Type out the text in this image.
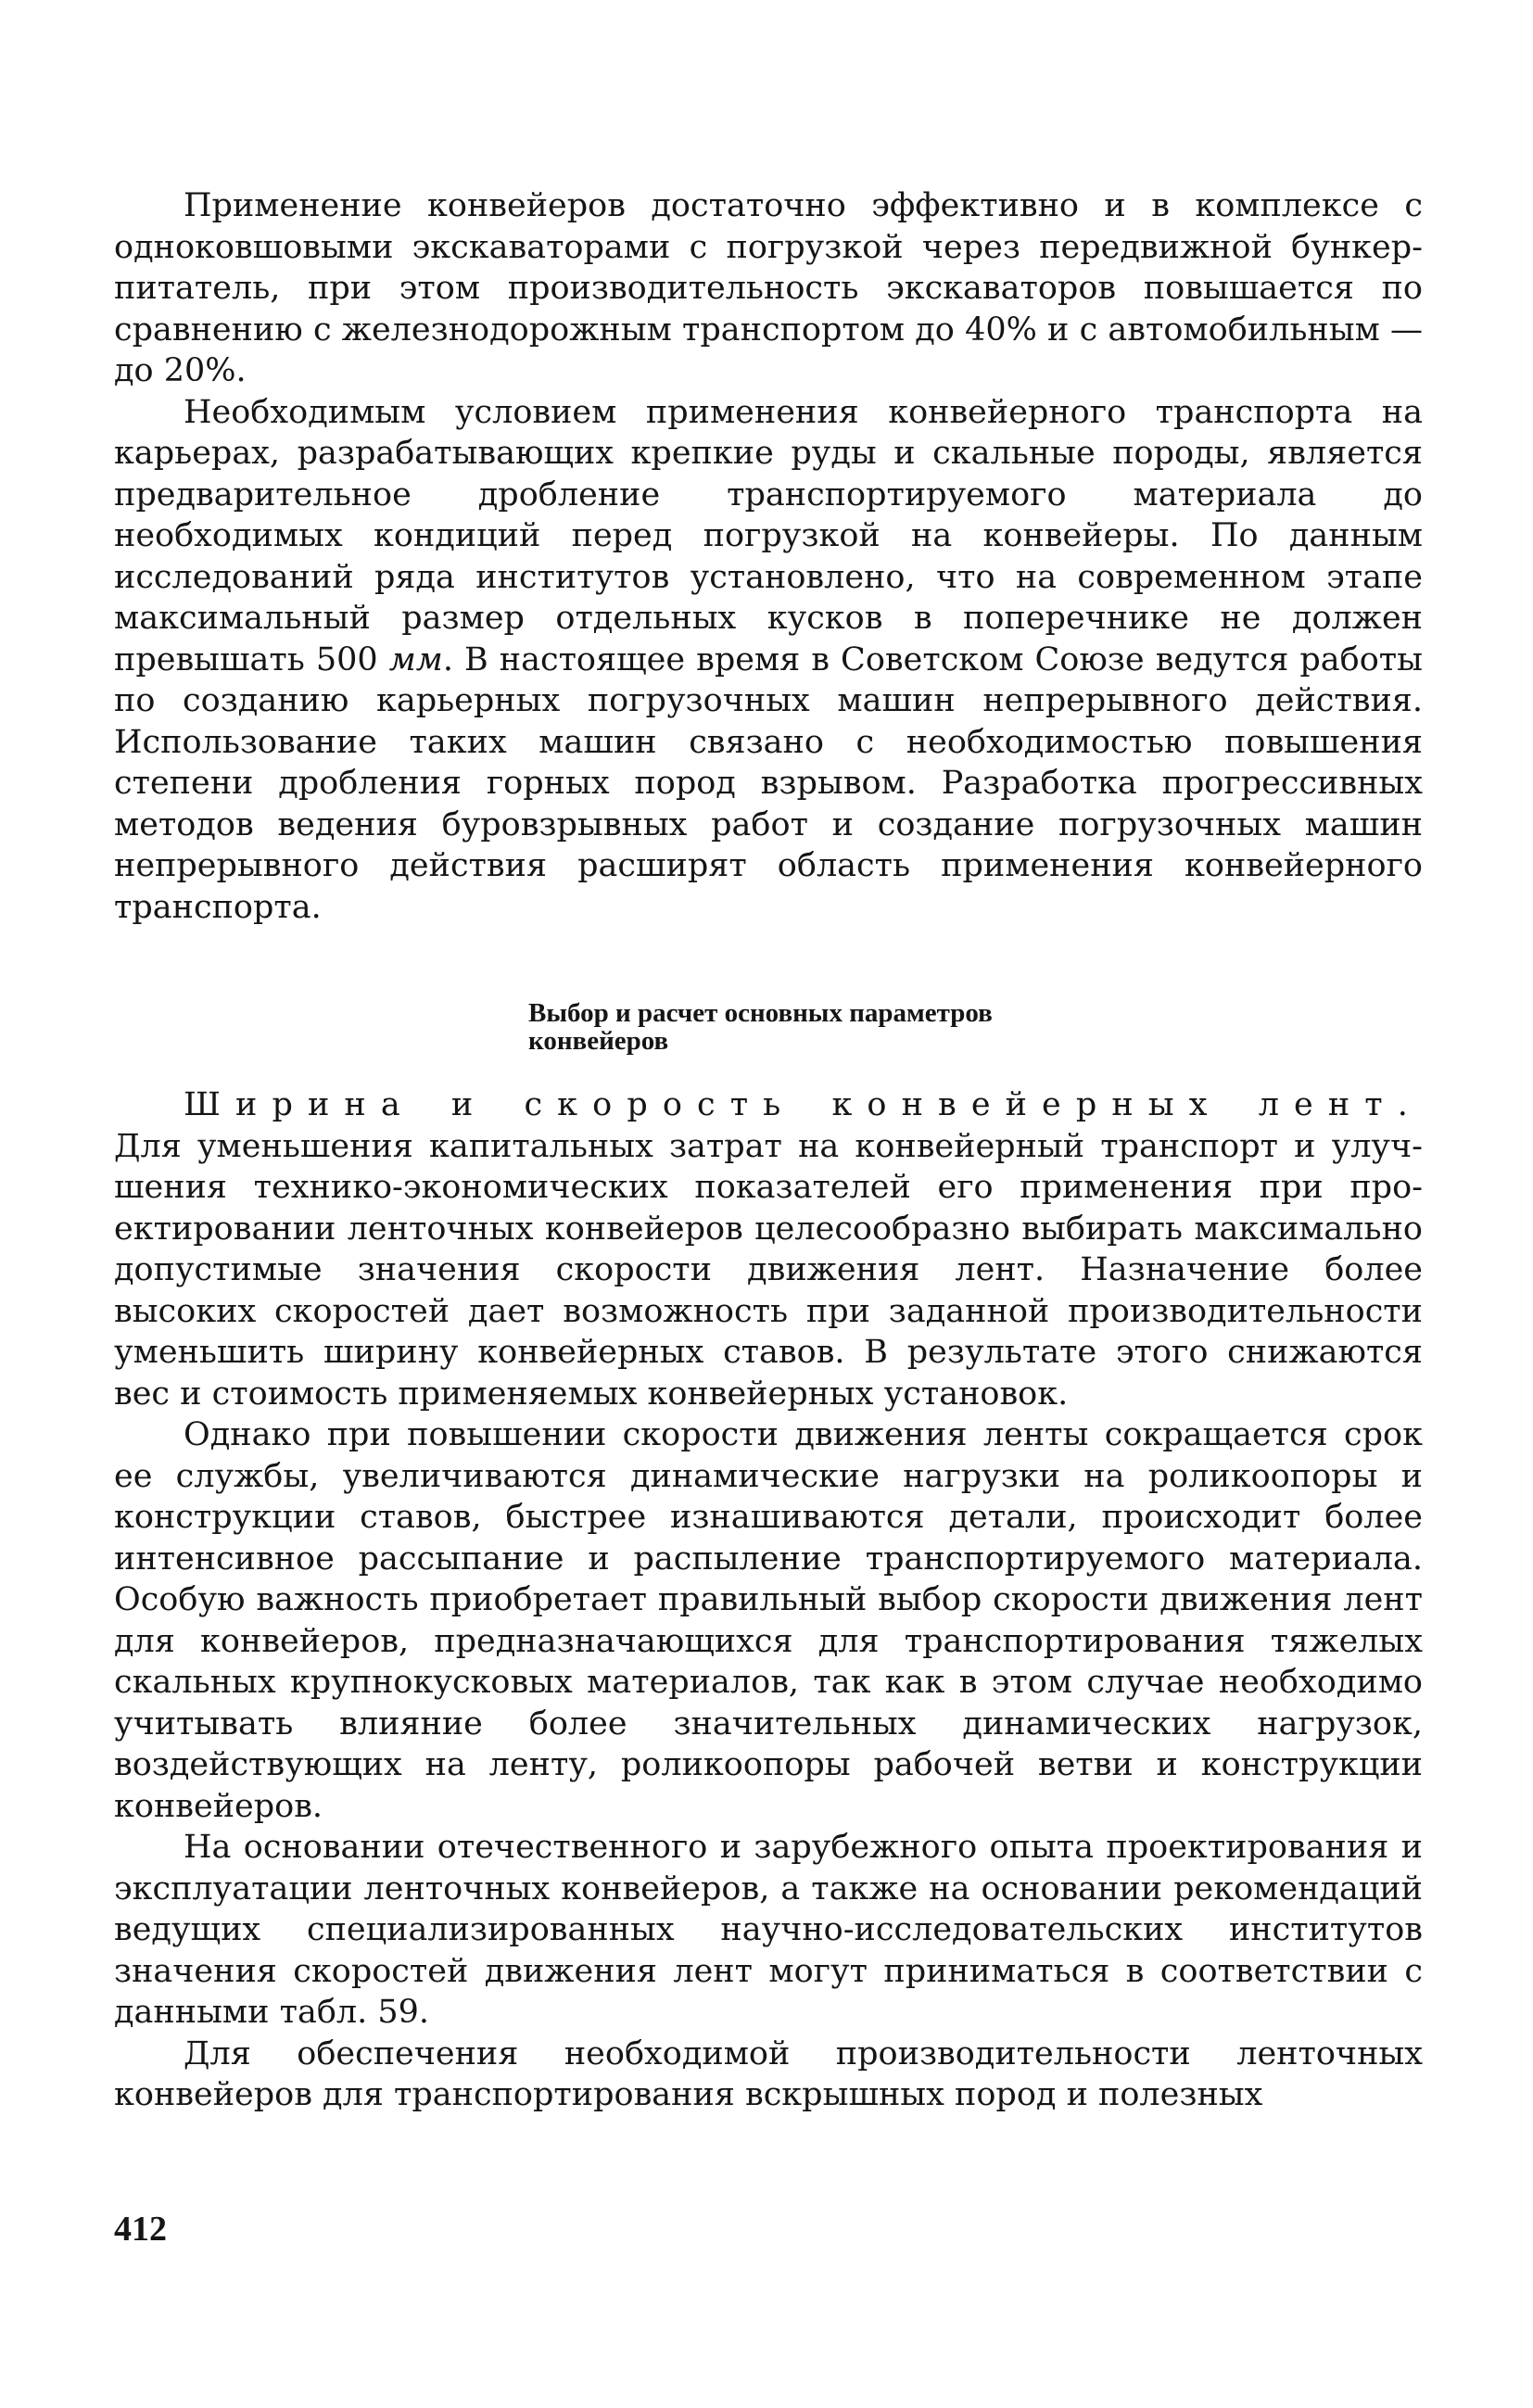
Применение конвейеров достаточно эффективно и в комплексе с одноковшовыми экскаваторами с погрузкой через передвижной бункер-питатель, при этом производительность экскаваторов повышается по сравнению с железнодорожным транспортом до 40% и с автомобильным — до 20%.

Необходимым условием применения конвейерного транспорта на карьерах, разрабатывающих крепкие руды и скальные породы, является предварительное дробление транспортируемого материала до необходимых кондиций перед погрузкой на конвейеры. По данным исследований ряда институтов установлено, что на современном этапе максимальный размер отдельных кусков в поперечнике не должен превышать 500 мм. В настоящее время в Советском Союзе ведутся работы по созданию карьерных погрузочных машин непрерывного действия. Использование таких машин связано с необходимостью повышения степени дробления горных пород взрывом. Разработка прогрессивных методов ведения буровзрывных работ и создание погрузочных машин непрерывного действия расширят область применения конвейерного транспорта.

Выбор и расчет основных параметров
конвейеров

Ширина и скорость конвейерных лент. Для уменьшения капитальных затрат на конвейерный транспорт и улучшения технико-экономических показателей его применения при проектировании ленточных конвейеров целесообразно выбирать максимально допустимые значения скорости движения лент. Назначение более высоких скоростей дает возможность при заданной производительности уменьшить ширину конвейерных ставов. В результате этого снижаются вес и стоимость применяемых конвейерных установок.

Однако при повышении скорости движения ленты сокращается срок ее службы, увеличиваются динамические нагрузки на роликоопоры и конструкции ставов, быстрее изнашиваются детали, происходит более интенсивное рассыпание и распыление транспортируемого материала. Особую важность приобретает правильный выбор скорости движения лент для конвейеров, предназначающихся для транспортирования тяжелых скальных крупнокусковых материалов, так как в этом случае необходимо учитывать влияние более значительных динамических нагрузок, воздействующих на ленту, роликоопоры рабочей ветви и конструкции конвейеров.

На основании отечественного и зарубежного опыта проектирования и эксплуатации ленточных конвейеров, а также на основании рекомендаций ведущих специализированных научно-исследовательских институтов значения скоростей движения лент могут приниматься в соответствии с данными табл. 59.

Для обеспечения необходимой производительности ленточных конвейеров для транспортирования вскрышных пород и полезных

412
